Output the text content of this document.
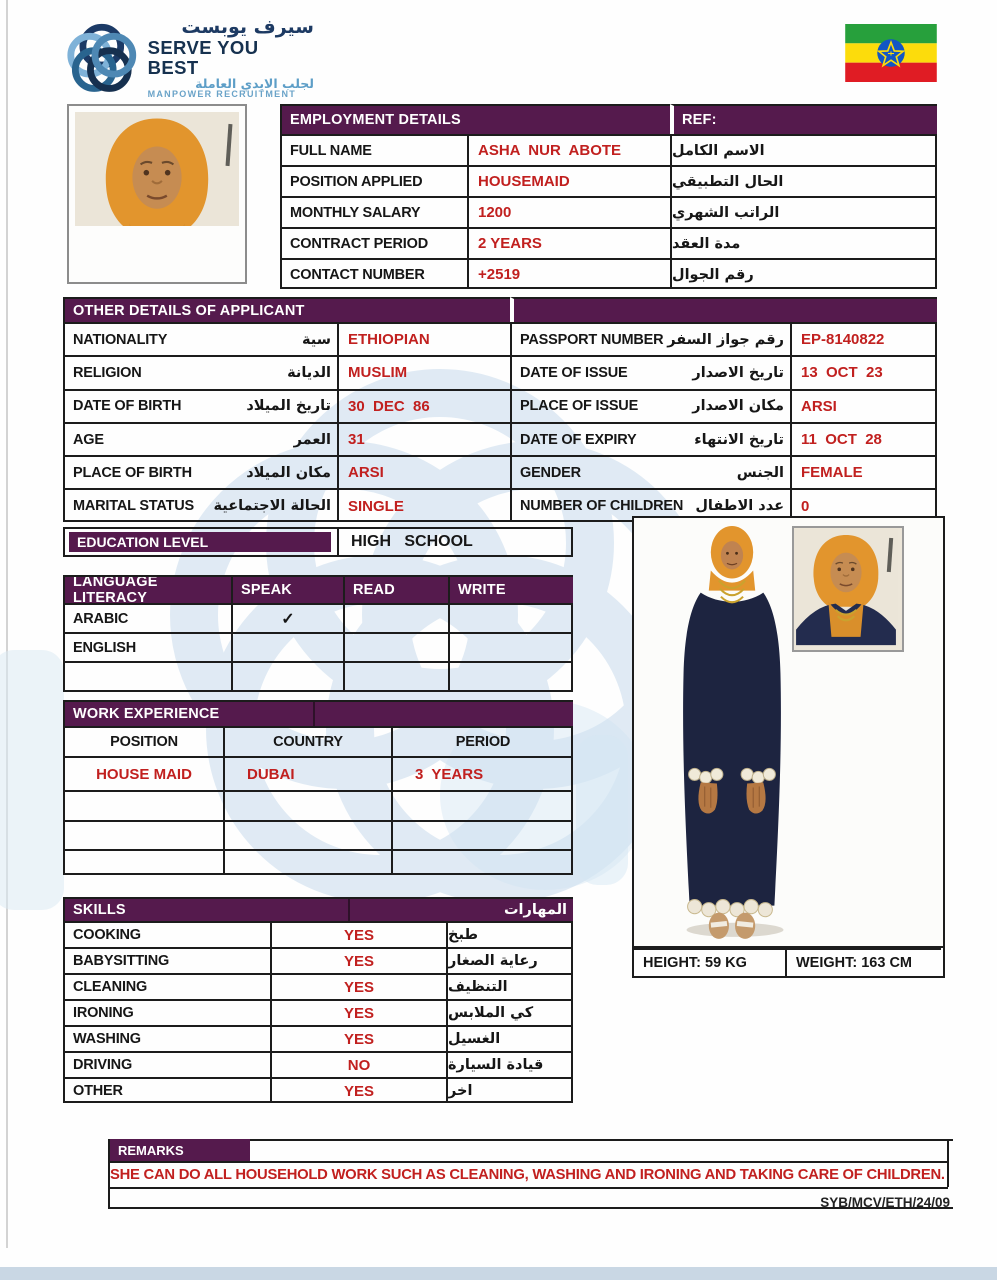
سيرف يوبست
SERVE YOU BEST
لجلب الايدي العاملة
MANPOWER RECRUITMENT
EMPLOYMENT DETAILS	REF:
FULL NAME	ASHA  NUR  ABOTE	الاسم الكامل
POSITION APPLIED	HOUSEMAID	الحال التطبيقي
MONTHLY SALARY	1200	الراتب الشهري
CONTRACT PERIOD	2 YEARS	مدة العقد
CONTACT NUMBER	+2519	رقم الجوال
OTHER DETAILS OF APPLICANT
NATIONALITY	سية	ETHIOPIAN	PASSPORT NUMBER رقم جواز السفر	EP-8140822
RELIGION	الديانة	MUSLIM	DATE OF ISSUE	تاريخ الاصدار	13  OCT  23
DATE OF BIRTH	تاريخ الميلاد	30  DEC  86	PLACE OF ISSUE	مكان الاصدار	ARSI
AGE	العمر	31	DATE OF EXPIRY	تاريخ الانتهاء	11  OCT  28
PLACE OF BIRTH	مكان الميلاد	ARSI	GENDER	الجنس	FEMALE
MARITAL STATUS الحالة الاجتماعية	SINGLE	NUMBER OF CHILDREN عدد الاطفال	0
EDUCATION LEVEL	HIGH   SCHOOL
LANGUAGE LITERACY	SPEAK	READ	WRITE
ARABIC	✓
ENGLISH
WORK EXPERIENCE
POSITION	COUNTRY	PERIOD
HOUSE MAID	DUBAI	3  YEARS
SKILLS	المهارات
COOKING	YES	طبخ
BABYSITTING	YES	رعاية الصغار
CLEANING	YES	التنظيف
IRONING	YES	كي الملابس
WASHING	YES	الغسيل
DRIVING	NO	قيادة السيارة
OTHER	YES	اخر
HEIGHT: 59 KG	WEIGHT: 163 CM
REMARKS
SHE CAN DO ALL HOUSEHOLD WORK SUCH AS CLEANING, WASHING AND IRONING AND TAKING CARE OF CHILDREN.
SYB/MCV/ETH/24/09
